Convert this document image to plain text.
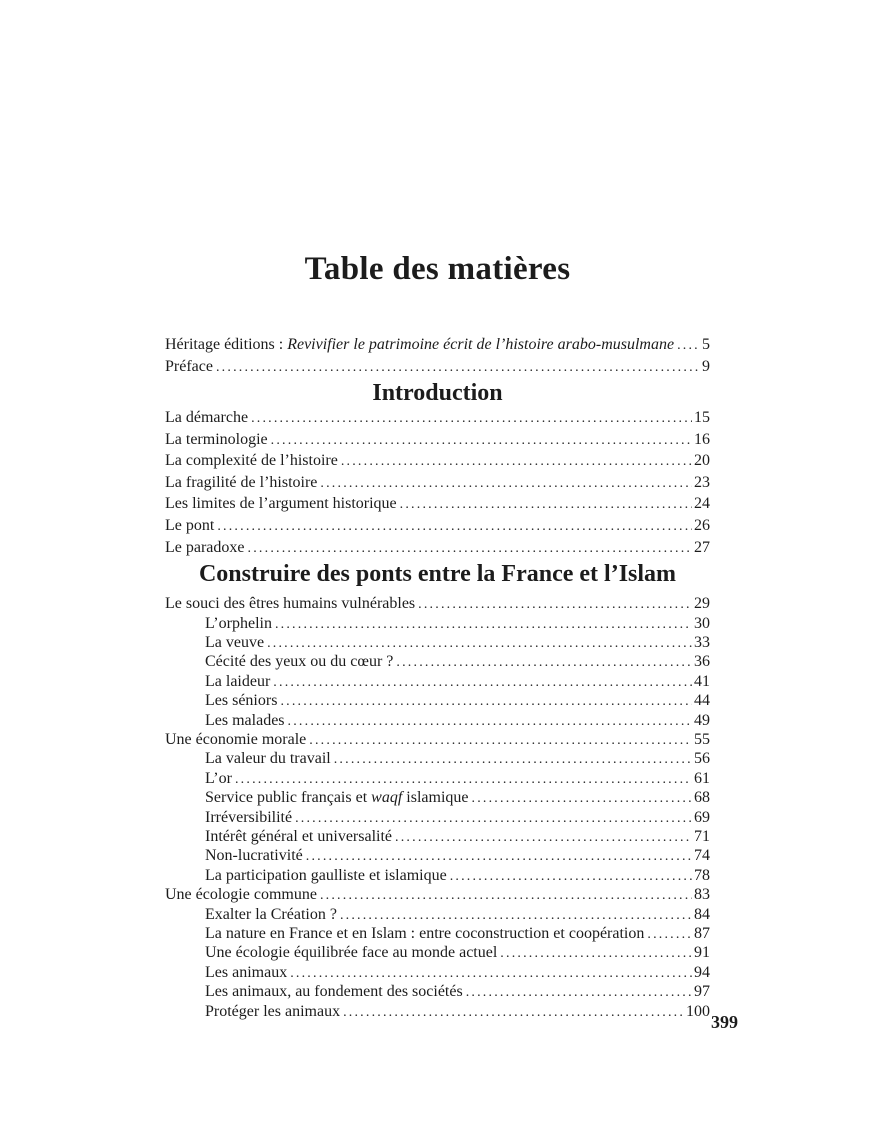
Table des matières
Héritage éditions : Revivifier le patrimoine écrit de l’histoire arabo-musulmane ..... 5
Préface .....	9
Introduction
La démarche .....	15
La terminologie .....	16
La complexité de l’histoire .....	20
La fragilité de l’histoire .....	23
Les limites de l’argument historique .....	24
Le pont .....	26
Le paradoxe .....	27
Construire des ponts entre la France et l’Islam
Le souci des êtres humains vulnérables .....	29
L’orphelin .....	30
La veuve .....	33
Cécité des yeux ou du cœur ? .....	36
La laideur .....	41
Les séniors .....	44
Les malades .....	49
Une économie morale .....	55
La valeur du travail .....	56
L’or .....	61
Service public français et waqf islamique .....	68
Irréversibilité .....	69
Intérêt général et universalité .....	71
Non-lucrativité .....	74
La participation gaulliste et islamique .....	78
Une écologie commune .....	83
Exalter la Création ? .....	84
La nature en France et en Islam : entre coconstruction et coopération .....	87
Une écologie équilibrée face au monde actuel .....	91
Les animaux .....	94
Les animaux, au fondement des sociétés .....	97
Protéger les animaux .....	100
399
